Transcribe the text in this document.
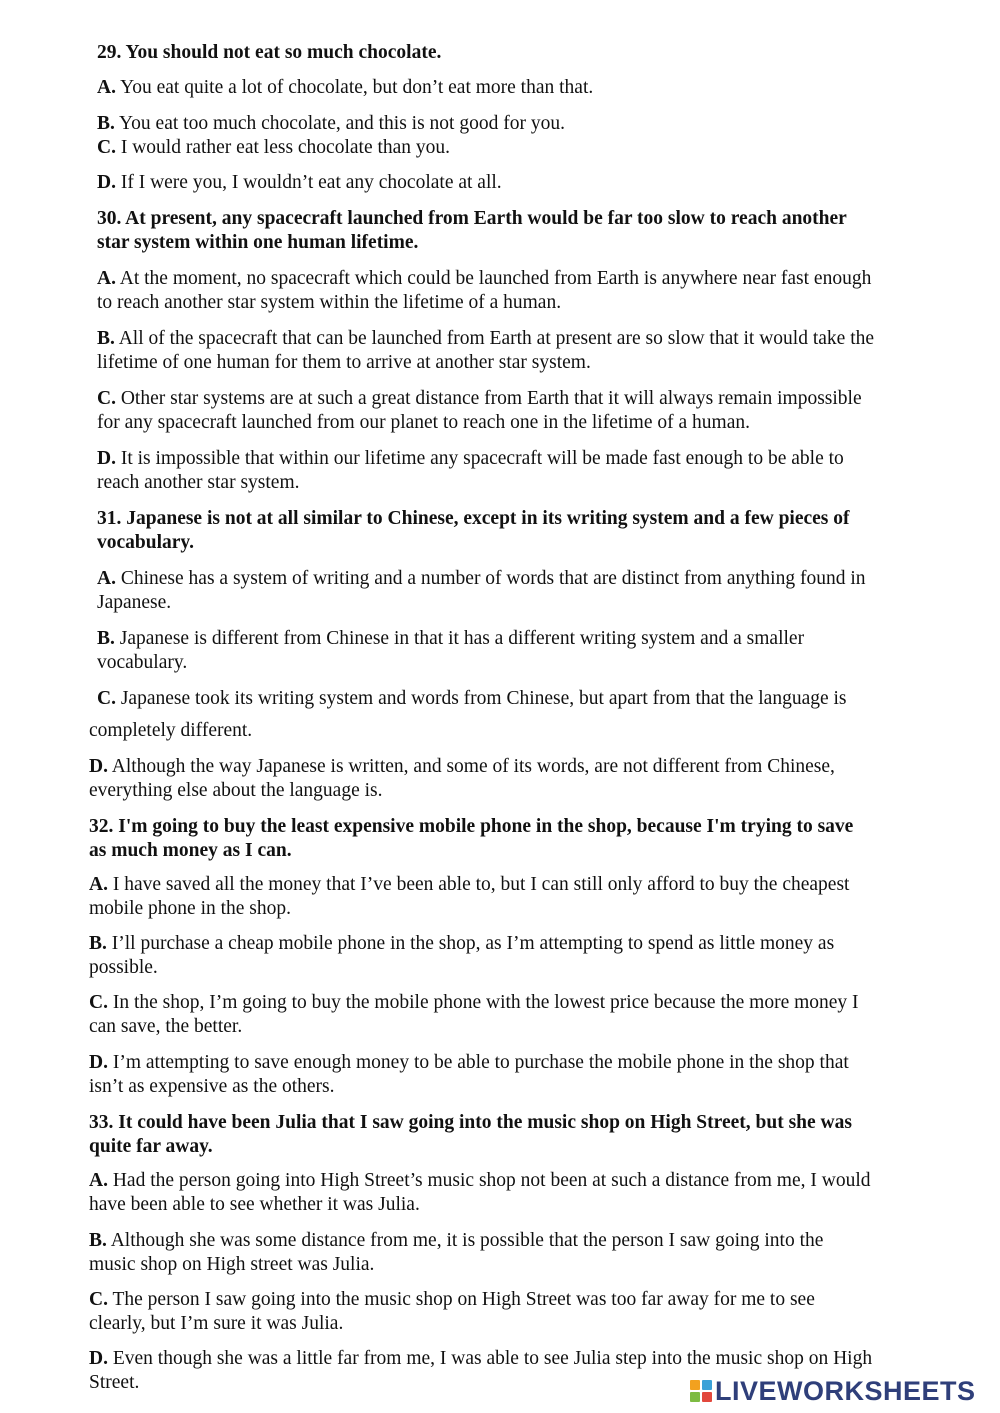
29. You should not eat so much chocolate.

A. You eat quite a lot of chocolate, but don’t eat more than that.

B. You eat too much chocolate, and this is not good for you.

C. I would rather eat less chocolate than you.

D. If I were you, I wouldn’t eat any chocolate at all.

30. At present, any spacecraft launched from Earth would be far too slow to reach another

star system within one human lifetime.

A. At the moment, no spacecraft which could be launched from Earth is anywhere near fast enough

to reach another star system within the lifetime of a human.

B. All of the spacecraft that can be launched from Earth at present are so slow that it would take the

lifetime of one human for them to arrive at another star system.

C. Other star systems are at such a great distance from Earth that it will always remain impossible

for any spacecraft launched from our planet to reach one in the lifetime of a human.

D. It is impossible that within our lifetime any spacecraft will be made fast enough to be able to

reach another star system.

31. Japanese is not at all similar to Chinese, except in its writing system and a few pieces of

vocabulary.

A. Chinese has a system of writing and a number of words that are distinct from anything found in

Japanese.

B. Japanese is different from Chinese in that it has a different writing system and a smaller

vocabulary.

C. Japanese took its writing system and words from Chinese, but apart from that the language is

completely different.

D. Although the way Japanese is written, and some of its words, are not different from Chinese,

everything else about the language is.

32. I'm going to buy the least expensive mobile phone in the shop, because I'm trying to save

as much money as I can.

A. I have saved all the money that I’ve been able to, but I can still only afford to buy the cheapest

mobile phone in the shop.

B. I’ll purchase a cheap mobile phone in the shop, as I’m attempting to spend as little money as

possible.

C. In the shop, I’m going to buy the mobile phone with the lowest price because the more money I

can save, the better.

D. I’m attempting to save enough money to be able to purchase the mobile phone in the shop that

isn’t as expensive as the others.

33. It could have been Julia that I saw going into the music shop on High Street, but she was

quite far away.

A. Had the person going into High Street’s music shop not been at such a distance from me, I would

have been able to see whether it was Julia.

B. Although she was some distance from me, it is possible that the person I saw going into the

music shop on High street was Julia.

C. The person I saw going into the music shop on High Street was too far away for me to see

clearly, but I’m sure it was Julia.

D. Even though she was a little far from me, I was able to see Julia step into the music shop on High

Street.	LIVEWORKSHEETS
